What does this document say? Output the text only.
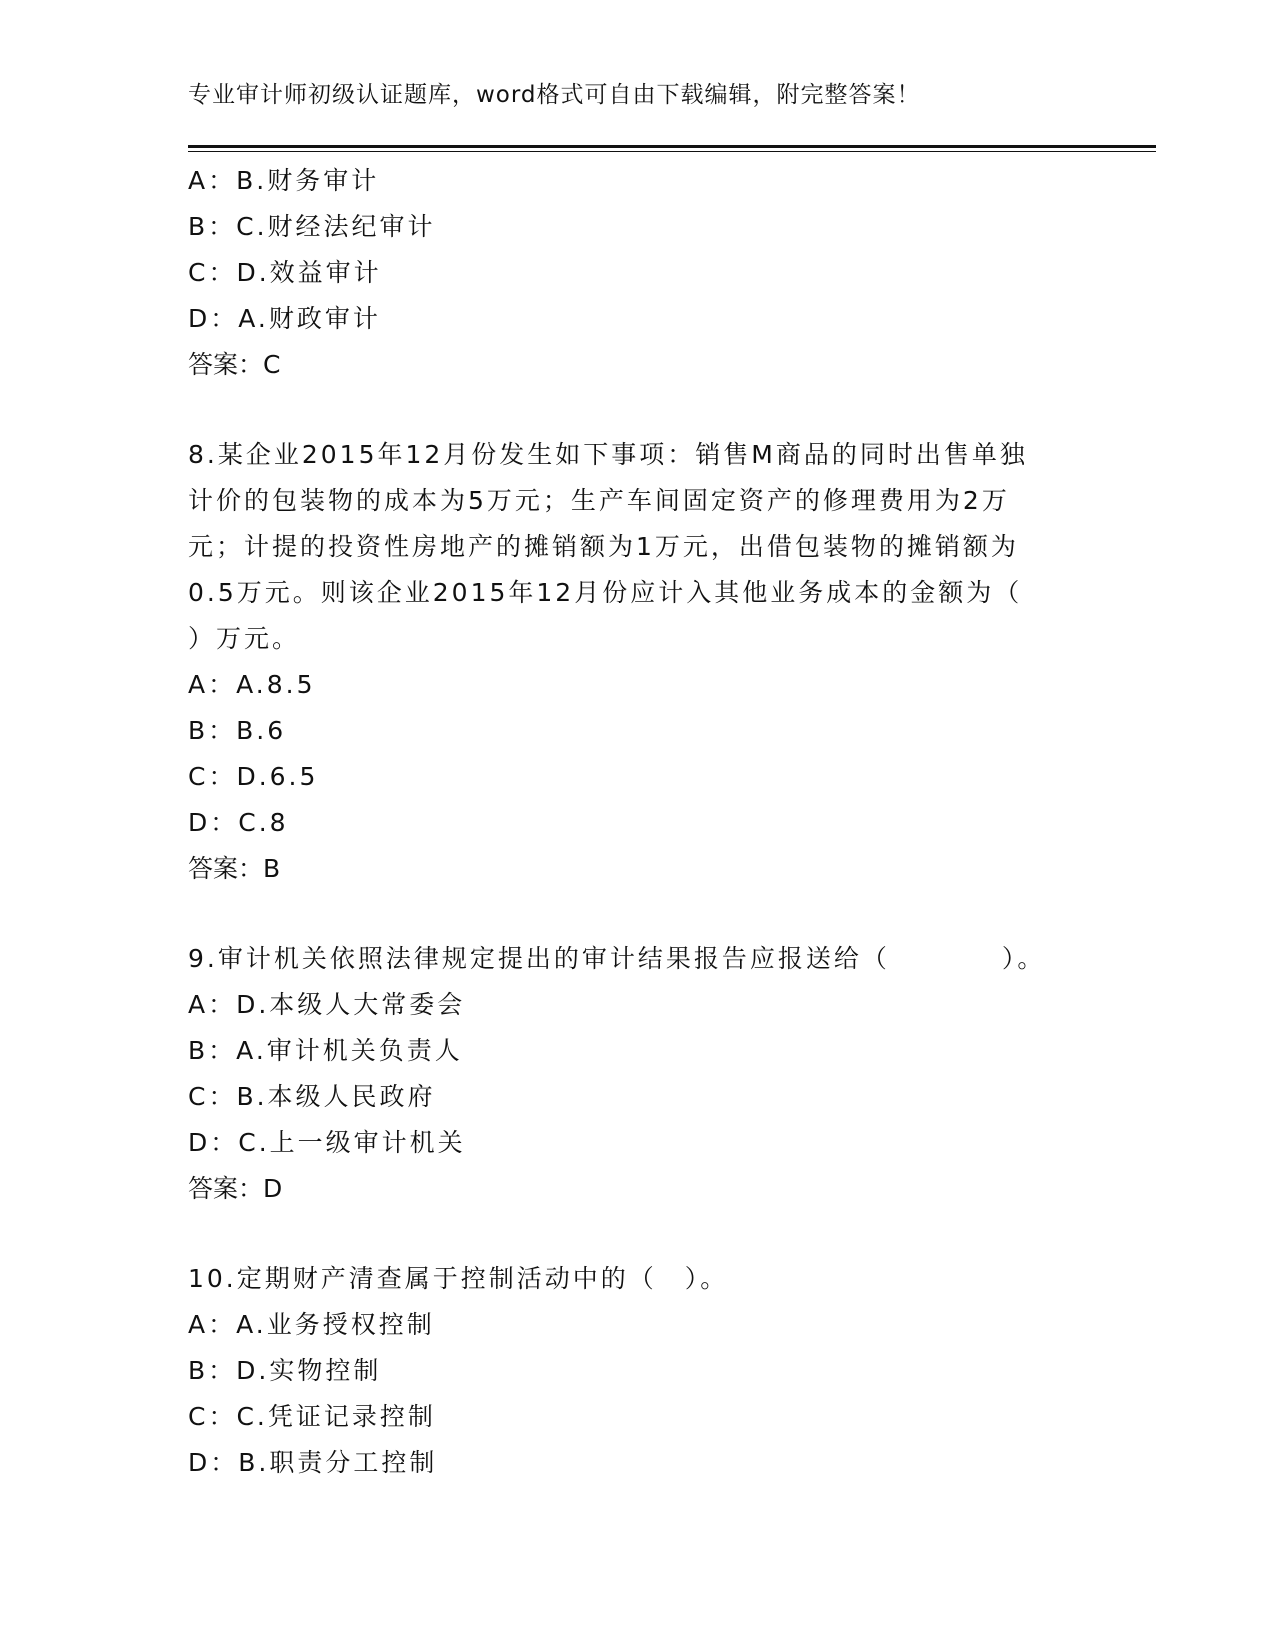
专业审计师初级认证题库，word格式可自由下载编辑，附完整答案！
A：B.财务审计
B：C.财经法纪审计
C：D.效益审计
D：A.财政审计
答案：C
8.某企业2015年12月份发生如下事项：销售M商品的同时出售单独
计价的包装物的成本为5万元；生产车间固定资产的修理费用为2万
元；计提的投资性房地产的摊销额为1万元，出借包装物的摊销额为
0.5万元。则该企业2015年12月份应计入其他业务成本的金额为（
）万元。
A：A.8.5
B：B.6
C：D.6.5
D：C.8
答案：B
9.审计机关依照法律规定提出的审计结果报告应报送给（　　　　）。
A：D.本级人大常委会
B：A.审计机关负责人
C：B.本级人民政府
D：C.上一级审计机关
答案：D
10.定期财产清查属于控制活动中的（　）。
A：A.业务授权控制
B：D.实物控制
C：C.凭证记录控制
D：B.职责分工控制
